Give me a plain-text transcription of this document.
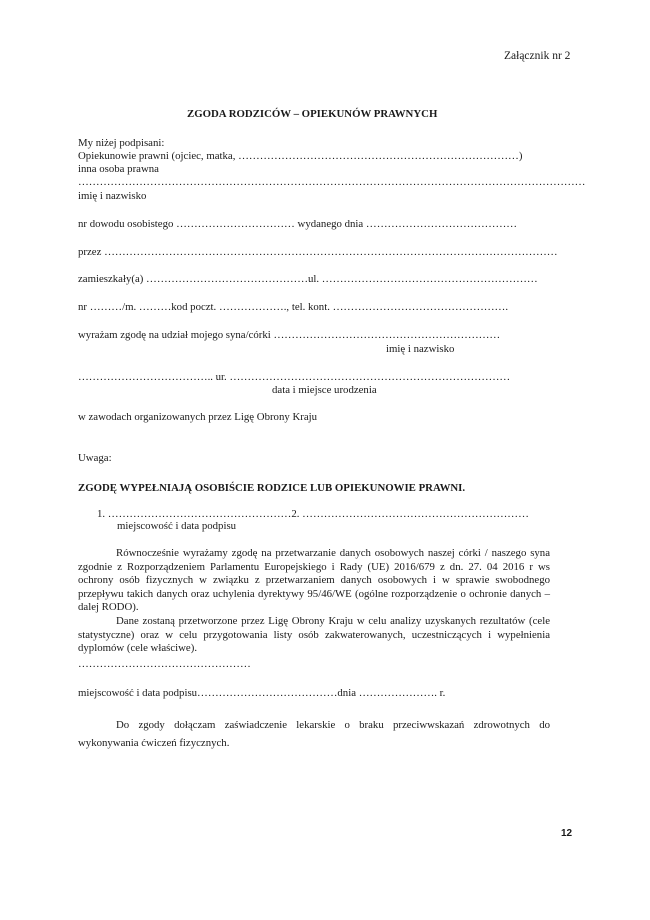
Załącznik nr 2
ZGODA RODZICÓW – OPIEKUNÓW PRAWNYCH
My niżej podpisani:
Opiekunowie prawni (ojciec, matka, ……………………………………………………………………)
inna osoba prawna
……………………………………………………………………………………………………………………………
imię i nazwisko
nr dowodu osobistego …………………………… wydanego dnia ……………………………………
przez ………………………………………………………………………………………………………………
zamieszkały(a) ………………………………………ul. ……………………………………………………
nr ………/m. ………kod poczt. ………………., tel. kont. ………………………………………….
wyrażam zgodę na udział mojego syna/córki ………………………………………………………
imię i nazwisko
……………………………….. ur. ……………………………………………………………………
data i miejsce urodzenia
w zawodach organizowanych przez Ligę Obrony Kraju
Uwaga:
ZGODĘ WYPEŁNIAJĄ OSOBIŚCIE RODZICE LUB OPIEKUNOWIE PRAWNI.
1. ……………………………………………2. ………………………………………………………
miejscowość i data podpisu
Równocześnie wyrażamy zgodę na przetwarzanie danych osobowych naszej córki / naszego syna zgodnie z Rozporządzeniem Parlamentu Europejskiego i Rady (UE) 2016/679 z dn. 27. 04 2016 r ws ochrony osób fizycznych w związku z przetwarzaniem danych osobowych i w sprawie swobodnego przepływu takich danych oraz uchylenia dyrektywy 95/46/WE (ogólne rozporządzenie o ochronie danych – dalej RODO).
Dane zostaną przetworzone przez Ligę Obrony Kraju w celu analizy uzyskanych rezultatów (cele statystyczne) oraz w celu przygotowania listy osób zakwaterowanych, uczestniczących i wypełnienia dyplomów (cele właściwe).
…………………………………………
miejscowość i data podpisu…………………………………dnia …………………. r.
Do zgody dołączam zaświadczenie lekarskie o braku przeciwwskazań zdrowotnych do wykonywania ćwiczeń fizycznych.
12
